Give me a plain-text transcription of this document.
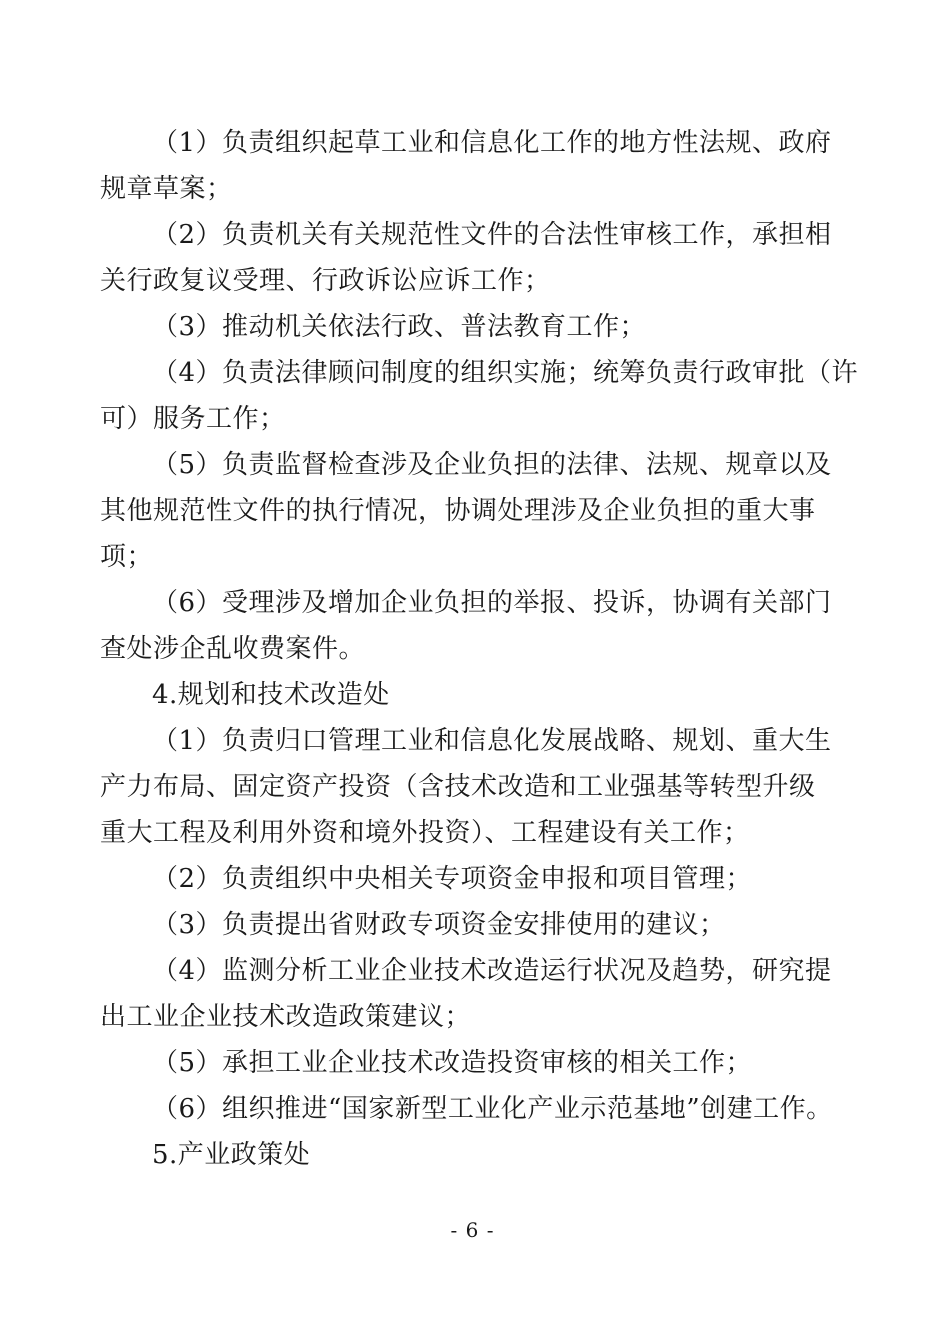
（1）负责组织起草工业和信息化工作的地方性法规、政府
规章草案；
（2）负责机关有关规范性文件的合法性审核工作，承担相
关行政复议受理、行政诉讼应诉工作；
（3）推动机关依法行政、普法教育工作；
（4）负责法律顾问制度的组织实施；统筹负责行政审批（许
可）服务工作；
（5）负责监督检查涉及企业负担的法律、法规、规章以及
其他规范性文件的执行情况，协调处理涉及企业负担的重大事
项；
（6）受理涉及增加企业负担的举报、投诉，协调有关部门
查处涉企乱收费案件。
4.规划和技术改造处
（1）负责归口管理工业和信息化发展战略、规划、重大生
产力布局、固定资产投资（含技术改造和工业强基等转型升级
重大工程及利用外资和境外投资）、工程建设有关工作；
（2）负责组织中央相关专项资金申报和项目管理；
（3）负责提出省财政专项资金安排使用的建议；
（4）监测分析工业企业技术改造运行状况及趋势，研究提
出工业企业技术改造政策建议；
（5）承担工业企业技术改造投资审核的相关工作；
（6）组织推进“国家新型工业化产业示范基地”创建工作。
5.产业政策处
- 6 -
